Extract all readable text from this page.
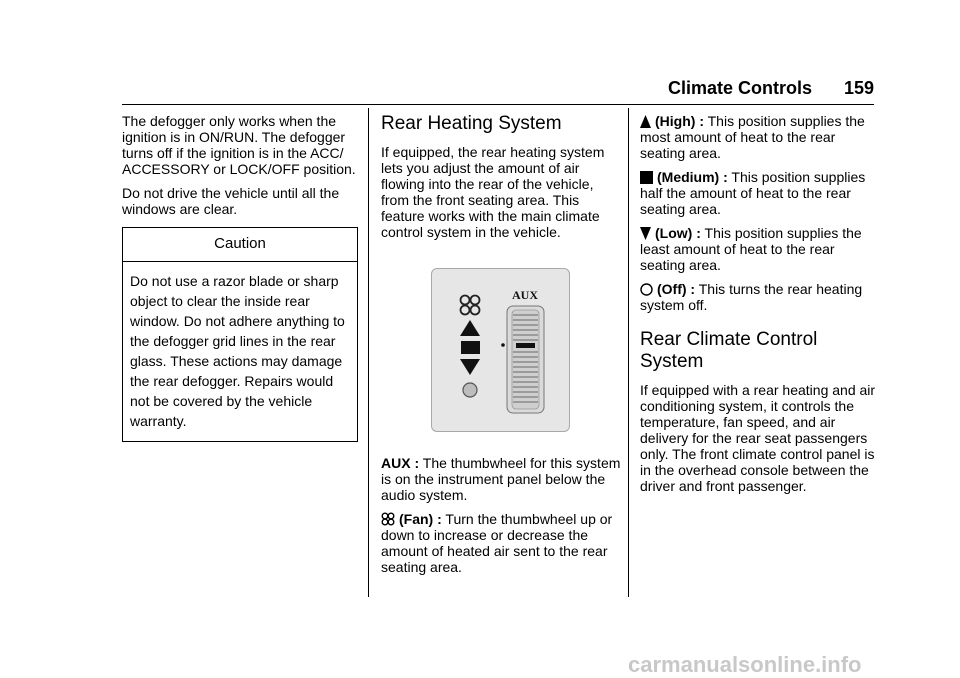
Climate Controls 159

The defogger only works when the ignition is in ON/RUN. The defogger turns off if the ignition is in the ACC/ ACCESSORY or LOCK/OFF position.

Do not drive the vehicle until all the windows are clear.

Caution
Do not use a razor blade or sharp object to clear the inside rear window. Do not adhere anything to the defogger grid lines in the rear glass. These actions may damage the rear defogger. Repairs would not be covered by the vehicle warranty.
Rear Heating System

If equipped, the rear heating system lets you adjust the amount of air flowing into the rear of the vehicle, from the front seating area. This feature works with the main climate control system in the vehicle.

AUX

AUX : The thumbwheel for this system is on the instrument panel below the audio system.

(Fan) : Turn the thumbwheel up or down to increase or decrease the amount of heated air sent to the rear seating area.

(High) : This position supplies the most amount of heat to the rear seating area.

(Medium) : This position supplies half the amount of heat to the rear seating area.

(Low) : This position supplies the least amount of heat to the rear seating area.

(Off) : This turns the rear heating system off.

Rear Climate Control System

If equipped with a rear heating and air conditioning system, it controls the temperature, fan speed, and air delivery for the rear seat passengers only. The front climate control panel is in the overhead console between the driver and front passenger.

carmanualsonline.info
